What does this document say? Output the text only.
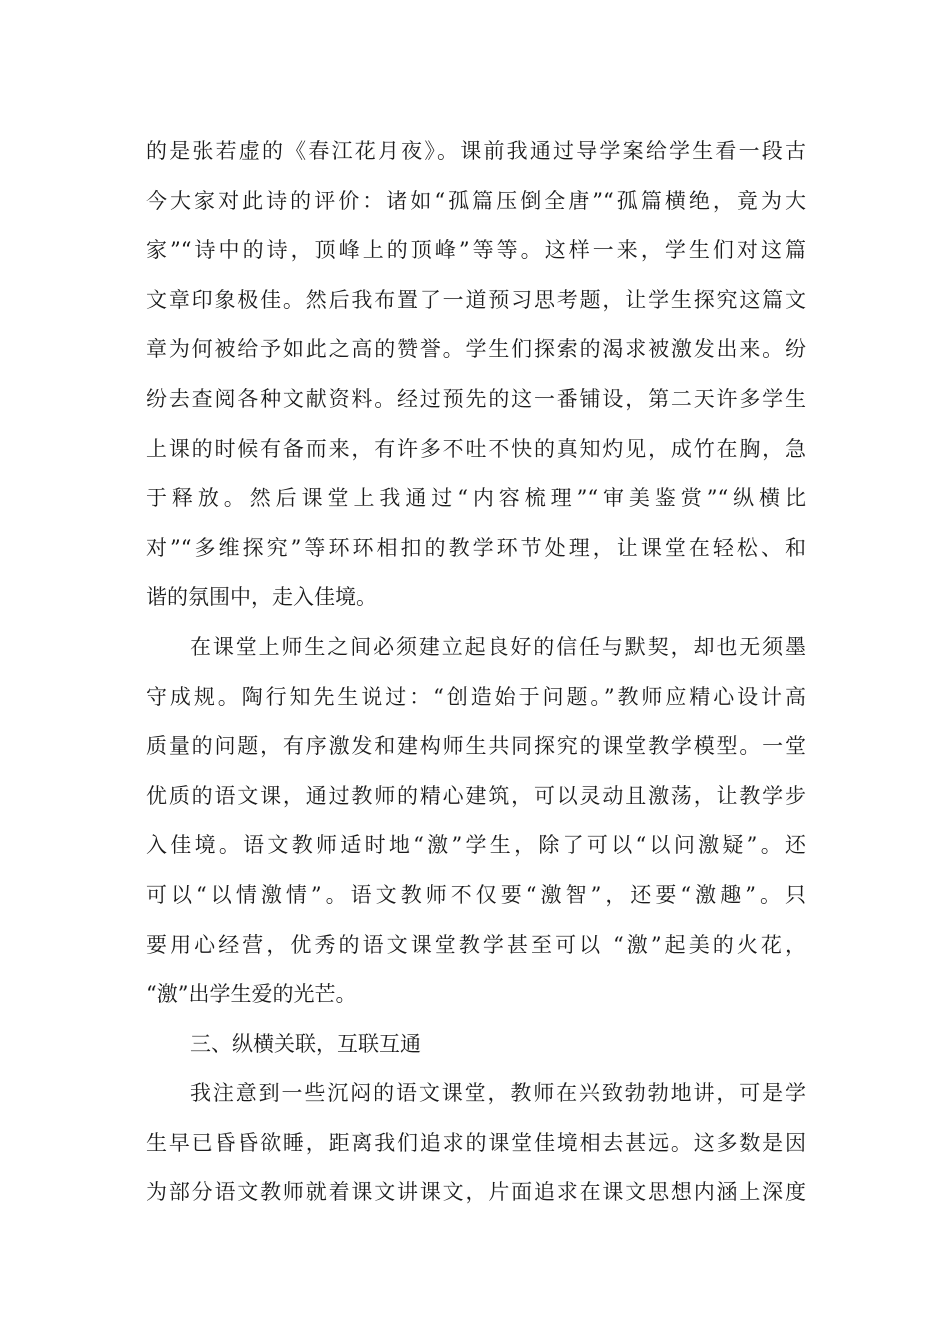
的是张若虚的《春江花月夜》。课前我通过导学案给学生看一段古
今大家对此诗的评价：诸如“孤篇压倒全唐”“孤篇横绝，竟为大
家”“诗中的诗，顶峰上的顶峰”等等。这样一来，学生们对这篇
文章印象极佳。然后我布置了一道预习思考题，让学生探究这篇文
章为何被给予如此之高的赞誉。学生们探索的渴求被激发出来。纷
纷去查阅各种文献资料。经过预先的这一番铺设，第二天许多学生
上课的时候有备而来，有许多不吐不快的真知灼见，成竹在胸，急
于释放。然后课堂上我通过“内容梳理”“审美鉴赏”“纵横比
对”“多维探究”等环环相扣的教学环节处理，让课堂在轻松、和
谐的氛围中，走入佳境。
在课堂上师生之间必须建立起良好的信任与默契，却也无须墨
守成规。陶行知先生说过：“创造始于问题。”教师应精心设计高
质量的问题，有序激发和建构师生共同探究的课堂教学模型。一堂
优质的语文课，通过教师的精心建筑，可以灵动且激荡，让教学步
入佳境。语文教师适时地“激”学生，除了可以“以问激疑”。还
可以“以情激情”。语文教师不仅要“激智”，还要“激趣”。只
要用心经营，优秀的语文课堂教学甚至可以 “激”起美的火花，
“激”出学生爱的光芒。
三、纵横关联，互联互通
我注意到一些沉闷的语文课堂，教师在兴致勃勃地讲，可是学
生早已昏昏欲睡，距离我们追求的课堂佳境相去甚远。这多数是因
为部分语文教师就着课文讲课文，片面追求在课文思想内涵上深度
